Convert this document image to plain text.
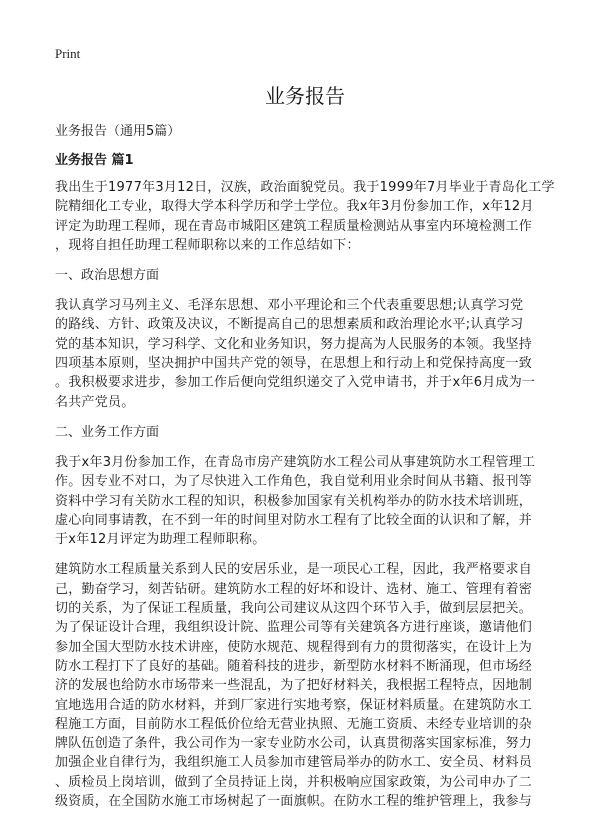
Print
业务报告
业务报告（通用5篇）
业务报告 篇1
我出生于1977年3月12日，汉族，政治面貌党员。我于1999年7月毕业于青岛化工学
院精细化工专业，取得大学本科学历和学士学位。我x年3月份参加工作，x年12月
评定为助理工程师，现在青岛市城阳区建筑工程质量检测站从事室内环境检测工作
，现将自担任助理工程师职称以来的工作总结如下：
一、政治思想方面
我认真学习马列主义、毛泽东思想、邓小平理论和三个代表重要思想;认真学习党
的路线、方针、政策及决议，不断提高自己的思想素质和政治理论水平;认真学习
党的基本知识，学习科学、文化和业务知识，努力提高为人民服务的本领。我坚持
四项基本原则，坚决拥护中国共产党的领导，在思想上和行动上和党保持高度一致
。我积极要求进步，参加工作后便向党组织递交了入党申请书，并于x年6月成为一
名共产党员。
二、业务工作方面
我于x年3月份参加工作，在青岛市房产建筑防水工程公司从事建筑防水工程管理工
作。因专业不对口，为了尽快进入工作角色，我自觉利用业余时间从书籍、报刊等
资料中学习有关防水工程的知识，积极参加国家有关机构举办的防水技术培训班，
虚心向同事请教，在不到一年的时间里对防水工程有了比较全面的认识和了解，并
于x年12月评定为助理工程师职称。
建筑防水工程质量关系到人民的安居乐业，是一项民心工程，因此，我严格要求自
己，勤奋学习，刻苦钻研。建筑防水工程的好坏和设计、选材、施工、管理有着密
切的关系，为了保证工程质量，我向公司建议从这四个环节入手，做到层层把关。
为了保证设计合理，我组织设计院、监理公司等有关建筑各方进行座谈，邀请他们
参加全国大型防水技术讲座，使防水规范、规程得到有力的贯彻落实，在设计上为
防水工程打下了良好的基础。随着科技的进步，新型防水材料不断涌现，但市场经
济的发展也给防水市场带来一些混乱，为了把好材料关，我根据工程特点，因地制
宜地选用合适的防水材料，并到厂家进行实地考察，保证材料质量。在建筑防水工
程施工方面，目前防水工程低价位给无营业执照、无施工资质、未经专业培训的杂
牌队伍创造了条件，我公司作为一家专业防水公司，认真贯彻落实国家标准，努力
加强企业自律行为，我组织施工人员参加市建管局举办的防水工、安全员、材料员
、质检员上岗培训，做到了全员持证上岗，并积极响应国家政策，为公司申办了二
级资质，在全国防水施工市场树起了一面旗帜。在防水工程的维护管理上，我参与
